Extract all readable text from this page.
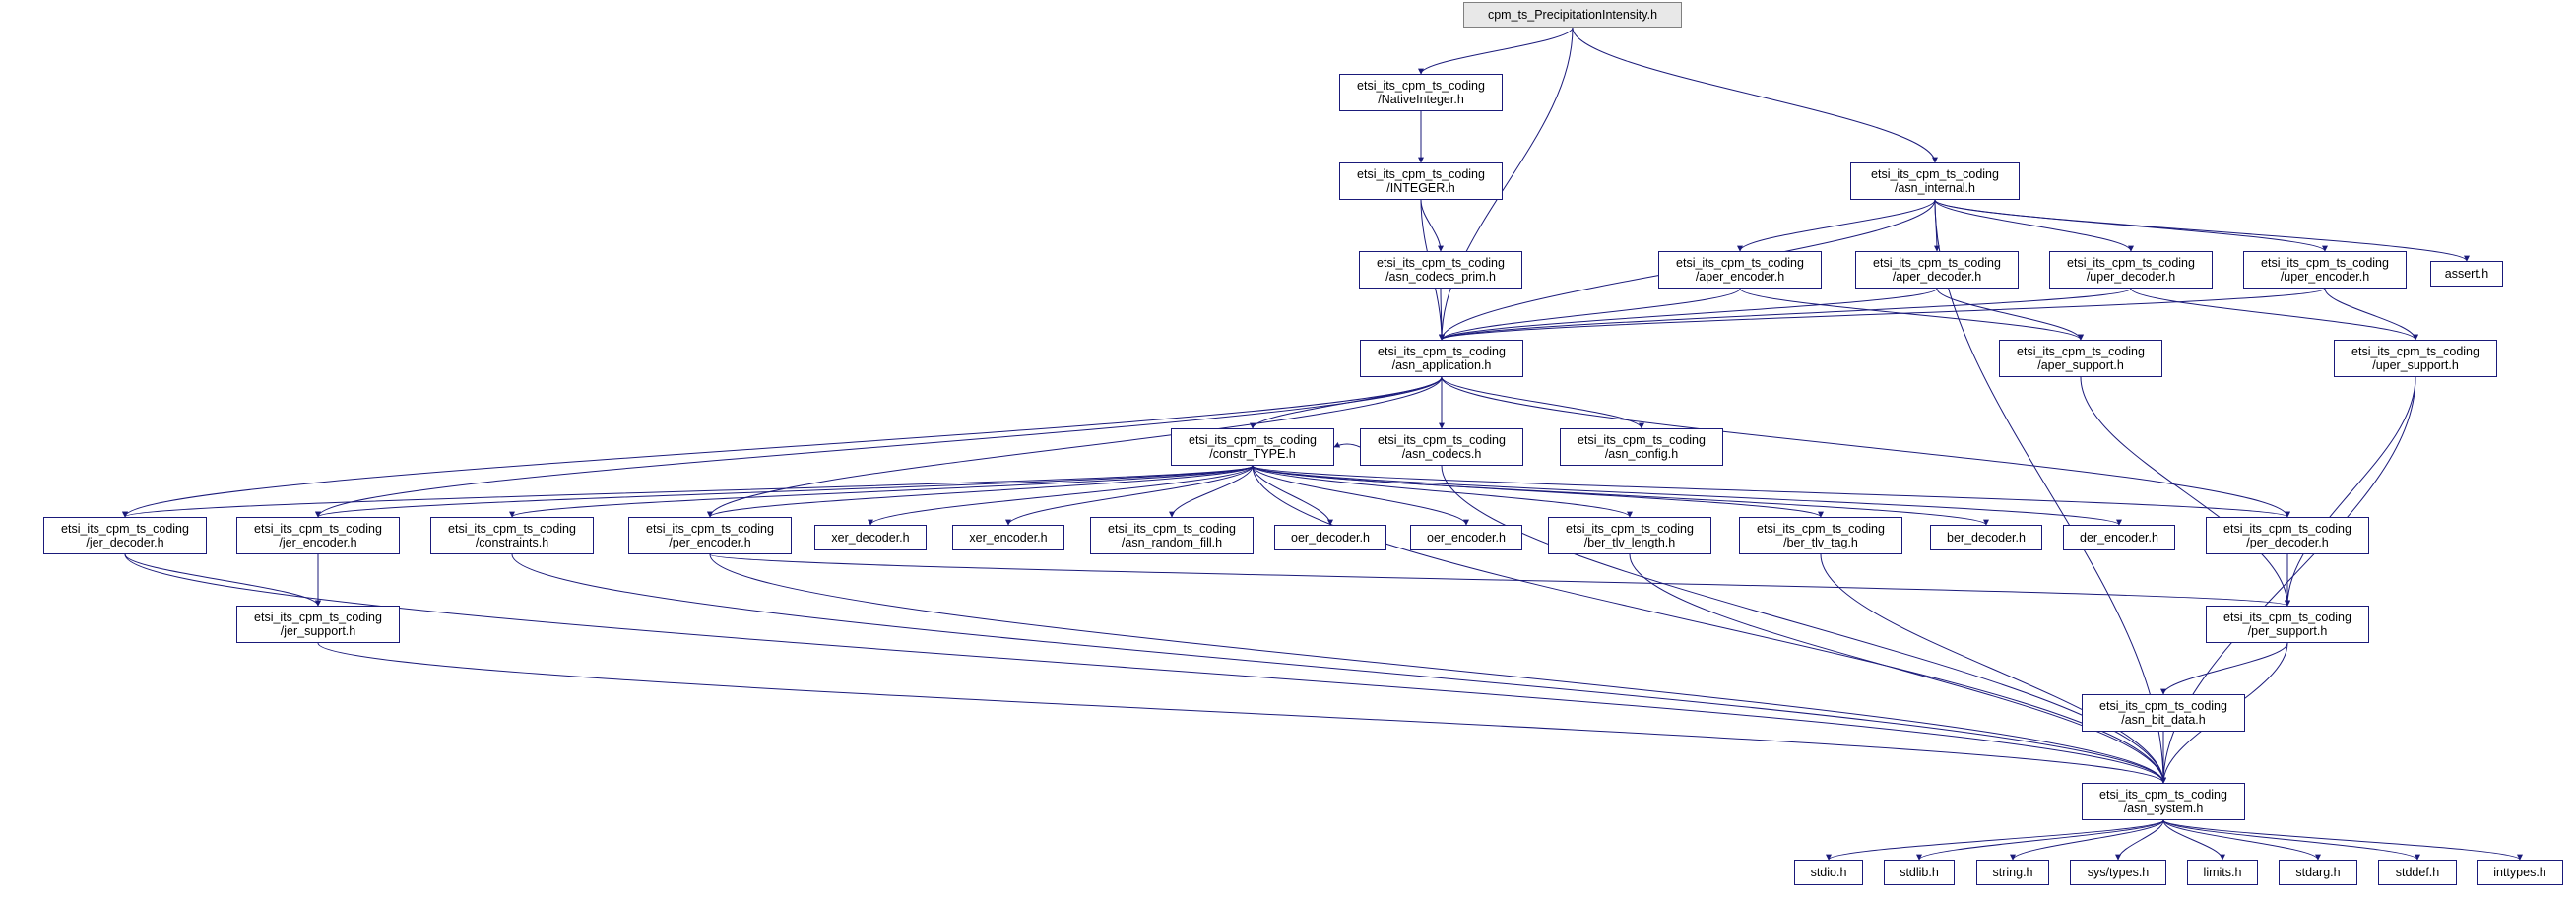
cpm_ts_PrecipitationIntensity.h
etsi_its_cpm_ts_coding
/NativeInteger.h
etsi_its_cpm_ts_coding
/INTEGER.h
etsi_its_cpm_ts_coding
/asn_codecs_prim.h
etsi_its_cpm_ts_coding
/asn_internal.h
etsi_its_cpm_ts_coding
/aper_encoder.h
etsi_its_cpm_ts_coding
/aper_decoder.h
etsi_its_cpm_ts_coding
/uper_decoder.h
etsi_its_cpm_ts_coding
/uper_encoder.h	assert.h
etsi_its_cpm_ts_coding
/aper_support.h
etsi_its_cpm_ts_coding
/uper_support.h
etsi_its_cpm_ts_coding
/asn_application.h
etsi_its_cpm_ts_coding
/constr_TYPE.h
etsi_its_cpm_ts_coding
/asn_codecs.h
etsi_its_cpm_ts_coding
/asn_config.h
etsi_its_cpm_ts_coding
/jer_decoder.h
etsi_its_cpm_ts_coding
/jer_encoder.h
etsi_its_cpm_ts_coding
/constraints.h
etsi_its_cpm_ts_coding
/per_encoder.h	xer_decoder.h	xer_encoder.h
etsi_its_cpm_ts_coding
/asn_random_fill.h	oer_decoder.h	oer_encoder.h
etsi_its_cpm_ts_coding
/ber_tlv_length.h
etsi_its_cpm_ts_coding
/ber_tlv_tag.h	ber_decoder.h	der_encoder.h
etsi_its_cpm_ts_coding
/per_decoder.h
etsi_its_cpm_ts_coding
/jer_support.h
etsi_its_cpm_ts_coding
/per_support.h
etsi_its_cpm_ts_coding
/asn_bit_data.h
etsi_its_cpm_ts_coding
/asn_system.h
stdio.h	stdlib.h	string.h	sys/types.h	limits.h	stdarg.h	stddef.h	inttypes.h
